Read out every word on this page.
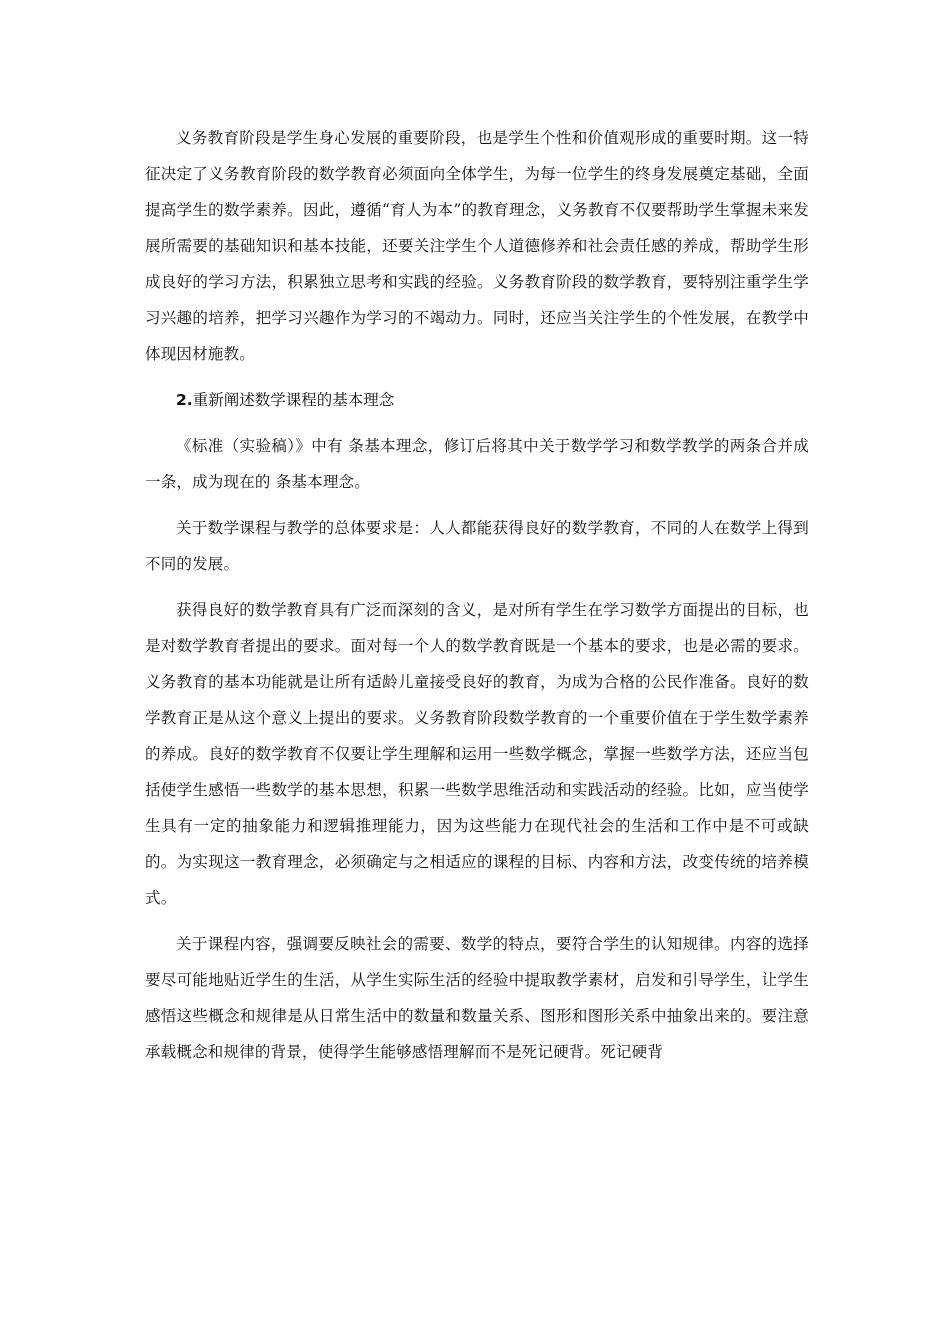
义务教育阶段是学生身心发展的重要阶段，也是学生个性和价值观形成的重要时期。这一特征决定了义务教育阶段的数学教育必须面向全体学生，为每一位学生的终身发展奠定基础，全面提高学生的数学素养。因此，遵循“育人为本”的教育理念，义务教育不仅要帮助学生掌握未来发展所需要的基础知识和基本技能，还要关注学生个人道德修养和社会责任感的养成，帮助学生形成良好的学习方法，积累独立思考和实践的经验。义务教育阶段的数学教育，要特别注重学生学习兴趣的培养，把学习兴趣作为学习的不竭动力。同时，还应当关注学生的个性发展，在教学中体现因材施教。

2.重新阐述数学课程的基本理念

《标准（实验稿）》中有 条基本理念，修订后将其中关于数学学习和数学教学的两条合并成一条，成为现在的 条基本理念。

关于数学课程与教学的总体要求是：人人都能获得良好的数学教育，不同的人在数学上得到不同的发展。

获得良好的数学教育具有广泛而深刻的含义，是对所有学生在学习数学方面提出的目标，也是对数学教育者提出的要求。面对每一个人的数学教育既是一个基本的要求，也是必需的要求。义务教育的基本功能就是让所有适龄儿童接受良好的教育，为成为合格的公民作准备。良好的数学教育正是从这个意义上提出的要求。义务教育阶段数学教育的一个重要价值在于学生数学素养的养成。良好的数学教育不仅要让学生理解和运用一些数学概念，掌握一些数学方法，还应当包括使学生感悟一些数学的基本思想，积累一些数学思维活动和实践活动的经验。比如，应当使学生具有一定的抽象能力和逻辑推理能力，因为这些能力在现代社会的生活和工作中是不可或缺的。为实现这一教育理念，必须确定与之相适应的课程的目标、内容和方法，改变传统的培养模式。

关于课程内容，强调要反映社会的需要、数学的特点，要符合学生的认知规律。内容的选择要尽可能地贴近学生的生活，从学生实际生活的经验中提取教学素材，启发和引导学生，让学生感悟这些概念和规律是从日常生活中的数量和数量关系、图形和图形关系中抽象出来的。要注意承载概念和规律的背景，使得学生能够感悟理解而不是死记硬背。死记硬背
